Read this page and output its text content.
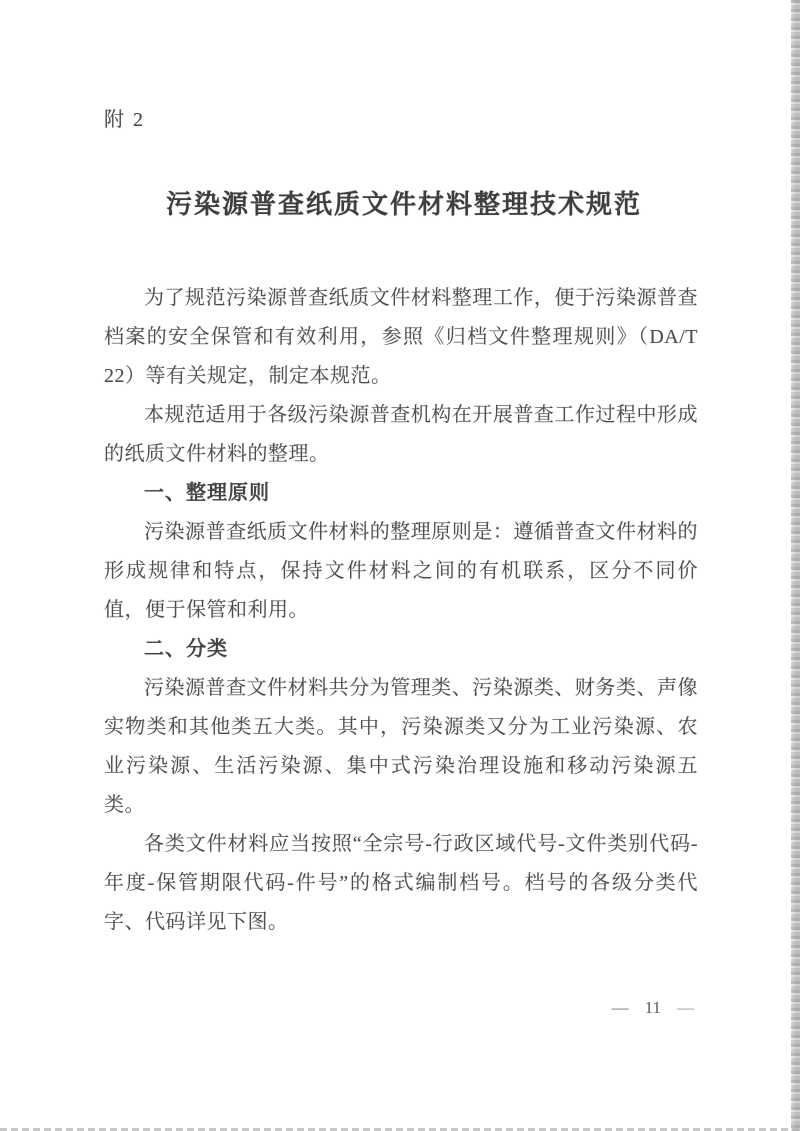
附 2
污染源普查纸质文件材料整理技术规范

为了规范污染源普查纸质文件材料整理工作，便于污染源普查档案的安全保管和有效利用，参照《归档文件整理规则》（DA/T 22）等有关规定，制定本规范。

本规范适用于各级污染源普查机构在开展普查工作过程中形成的纸质文件材料的整理。

一、整理原则

污染源普查纸质文件材料的整理原则是：遵循普查文件材料的形成规律和特点，保持文件材料之间的有机联系，区分不同价值，便于保管和利用。

二、分类

污染源普查文件材料共分为管理类、污染源类、财务类、声像实物类和其他类五大类。其中，污染源类又分为工业污染源、农业污染源、生活污染源、集中式污染治理设施和移动污染源五类。

各类文件材料应当按照“全宗号-行政区域代号-文件类别代码-年度-保管期限代码-件号”的格式编制档号。档号的各级分类代字、代码详见下图。

— 11 —
